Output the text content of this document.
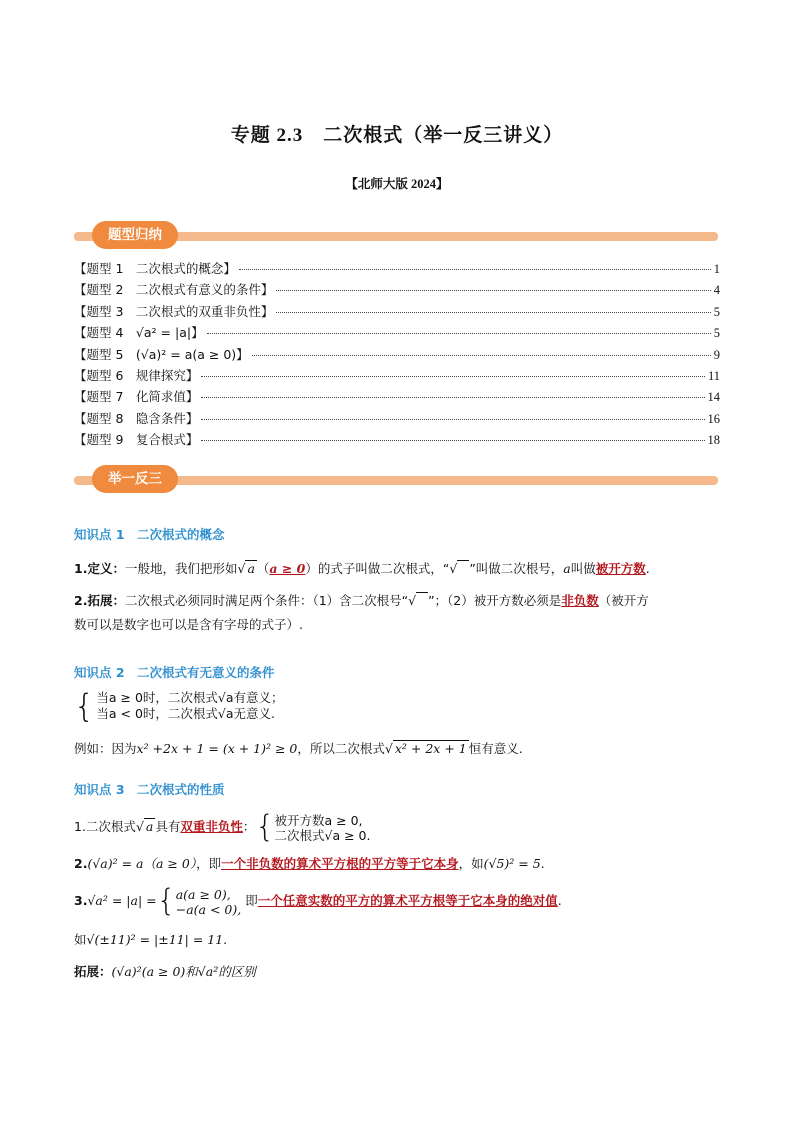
专题 2.3　二次根式（举一反三讲义）
【北师大版 2024】
题型归纳
【题型 1　二次根式的概念】	1
【题型 2　二次根式有意义的条件】	4
【题型 3　二次根式的双重非负性】	5
【题型 4　√a² = |a|】	5
【题型 5　(√a)² = a(a ≥ 0)】	9
【题型 6　规律探究】	11
【题型 7　化简求值】	14
【题型 8　隐含条件】	16
【题型 9　复合根式】	18
举一反三
知识点 1　二次根式的概念
1.定义：一般地，我们把形如√ a （a ≥ 0）的式子叫做二次根式，“√ ”叫做二次根号，a叫做被开方数.
2.拓展：二次根式必须同时满足两个条件：（1）含二次根号“√ ”；（2）被开方数必须是非负数（被开方
数可以是数字也可以是含有字母的式子）.
知识点 2　二次根式有无意义的条件
{ 当a ≥ 0时，二次根式√a有意义；
当a < 0时，二次根式√a无意义.
例如：因为x² +2x + 1 = (x + 1)² ≥ 0，所以二次根式√ x² + 2x + 1 恒有意义.
知识点 3　二次根式的性质
1.二次根式√ a 具有双重非负性：{被开方数a ≥ 0,
二次根式√a ≥ 0.
2.(√a)² = a（a ≥ 0），即一个非负数的算术平方根的平方等于它本身，如(√5)² = 5.
3.√a² = |a| ={a(a ≥ 0),
−a(a < 0), 即一个任意实数的平方的算术平方根等于它本身的绝对值.
如√(±11)² = |±11| = 11.
拓展：(√a)²(a ≥ 0)和√a²的区别
